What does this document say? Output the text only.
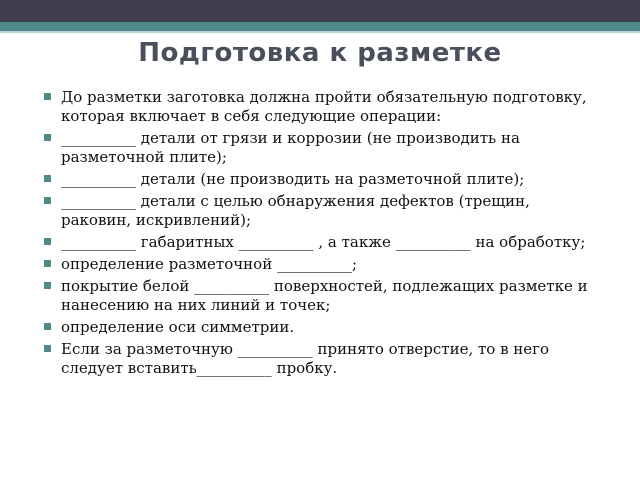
Подготовка к разметке
До разметки заготовка должна пройти обязательную подготовку, которая включает в себя следующие операции:
__________ детали от грязи и коррозии (не производить на разметочной плите);
__________ детали (не производить на разметочной плите);
__________ детали с целью обнаружения дефектов (трещин, раковин, искривлений);
__________ габаритных __________ , а также __________ на обработку;
определение разметочной __________;
покрытие белой __________ поверхностей, подлежащих разметке и нанесению на них линий и точек;
определение оси симметрии.
Если за разметочную __________ принято отверстие, то в него следует вставить__________ пробку.
